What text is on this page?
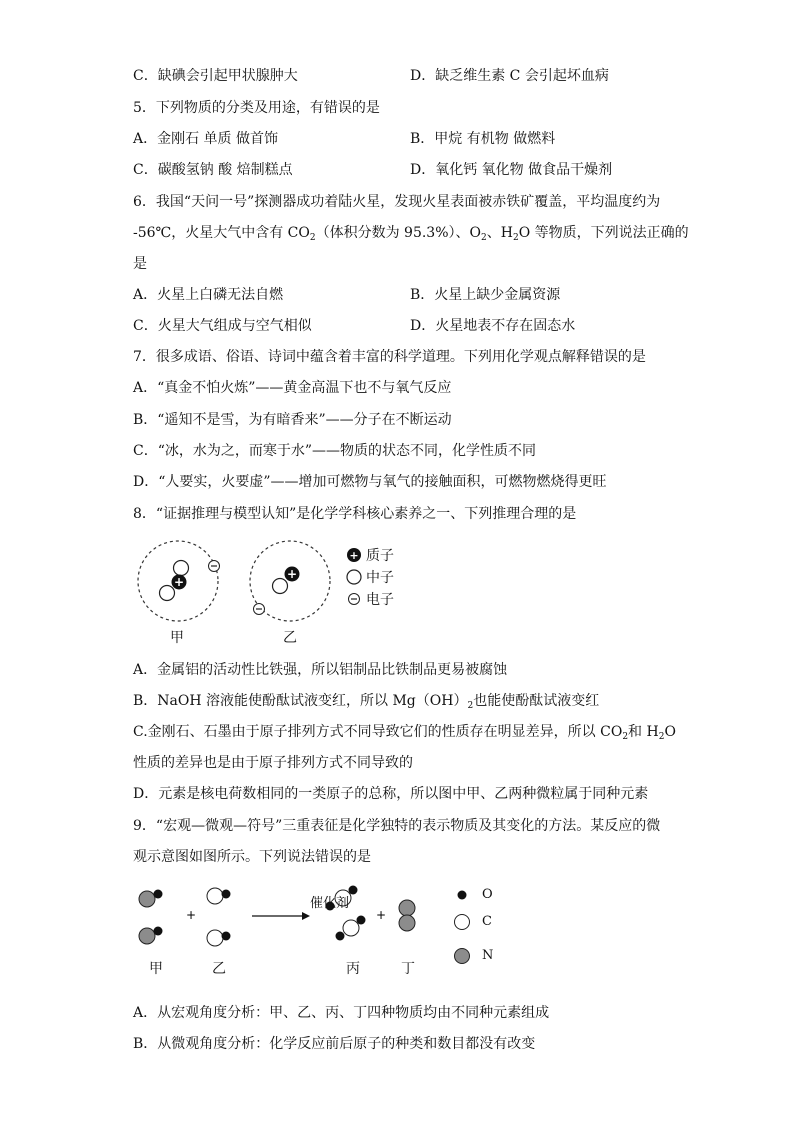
C．缺碘会引起甲状腺肿大	D．缺乏维生素 C 会引起坏血病
5．下列物质的分类及用途，有错误的是
A．金刚石 单质 做首饰	B．甲烷 有机物 做燃料
C．碳酸氢钠 酸 焙制糕点	D．氧化钙 氧化物 做食品干燥剂
6．我国“天问一号”探测器成功着陆火星，发现火星表面被赤铁矿覆盖，平均温度约为
-56℃，火星大气中含有 $CO_2$（体积分数为 95.3%）、$O_2$、$H_2O$ 等物质，下列说法正确的
是
A．火星上白磷无法自燃	B．火星上缺少金属资源
C．火星大气组成与空气相似	D．火星地表不存在固态水
7．很多成语、俗语、诗词中蕴含着丰富的科学道理。下列用化学观点解释错误的是
A．“真金不怕火炼”——黄金高温下也不与氧气反应
B．“遥知不是雪，为有暗香来”——分子在不断运动
C．“冰，水为之，而寒于水”——物质的状态不同，化学性质不同
D．“人要实，火要虚”——增加可燃物与氧气的接触面积，可燃物燃烧得更旺
8．“证据推理与模型认知”是化学学科核心素养之一、下列推理合理的是
+
+
+ 质子
中子
电子
甲	乙
A．金属铝的活动性比铁强，所以铝制品比铁制品更易被腐蚀
B．NaOH 溶液能使酚酞试液变红，所以 $Mg(OH)_2$也能使酚酞试液变红
C.金刚石、石墨由于原子排列方式不同导致它们的性质存在明显差异，所以 $CO_2$和 $H_2O$
性质的差异也是由于原子排列方式不同导致的
D．元素是核电荷数相同的一类原子的总称，所以图中甲、乙两种微粒属于同种元素
9．“宏观—微观—符号”三重表征是化学独特的表示物质及其变化的方法。某反应的微
观示意图如图所示。下列说法错误的是
+	+
催化剂
O
C
N
甲	乙	丙	丁
A．从宏观角度分析：甲、乙、丙、丁四种物质均由不同种元素组成
B．从微观角度分析：化学反应前后原子的种类和数目都没有改变
